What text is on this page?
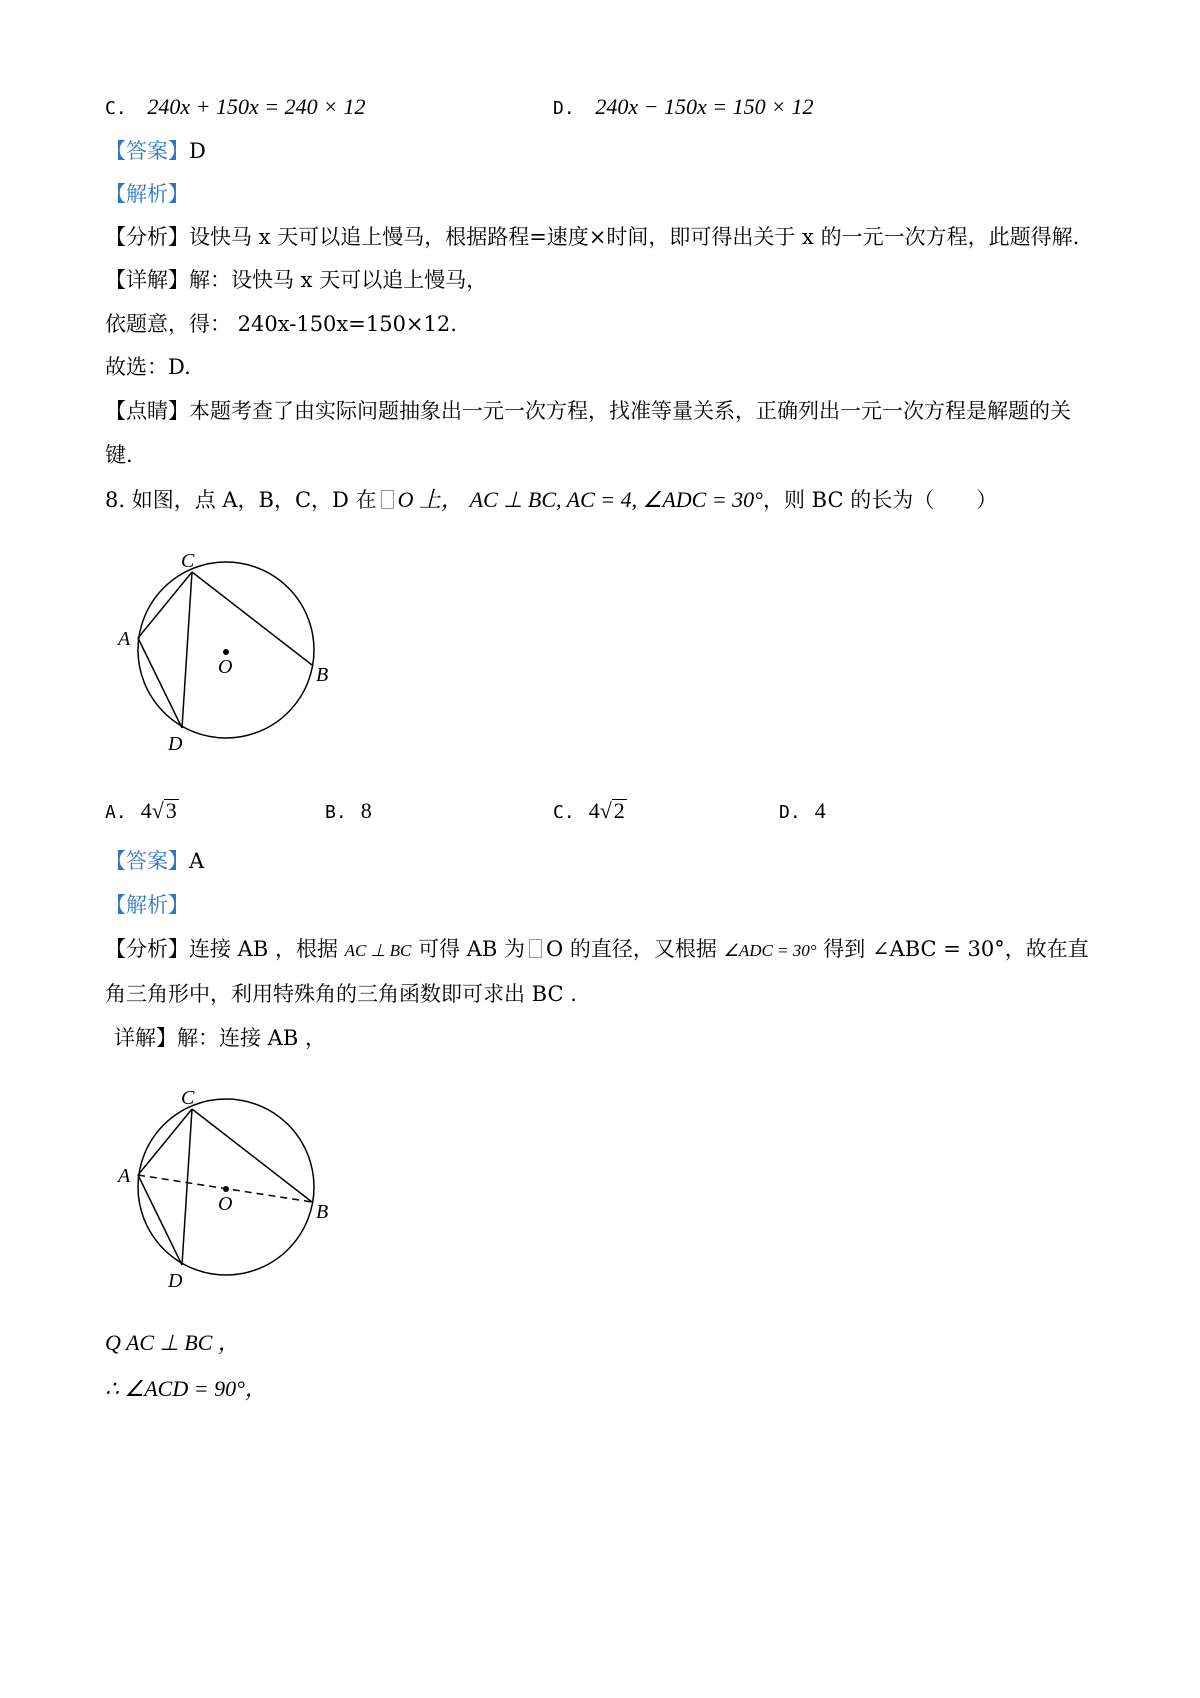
C. 240x + 150x = 240 × 12	D. 240x − 150x = 150 × 12
【答案】D
【解析】
【分析】设快马 x 天可以追上慢马，根据路程=速度×时间，即可得出关于 x 的一元一次方程，此题得解.
【详解】解：设快马 x 天可以追上慢马，
依题意，得： 240x-150x=150×12.
故选：D.
【点睛】本题考查了由实际问题抽象出一元一次方程，找准等量关系，正确列出一元一次方程是解题的关
键.
8. 如图，点 A，B，C，D 在 O 上， AC ⊥ BC, AC = 4, ∠ADC = 30°，则 BC 的长为（　　）
C
A
O	B
D
A. 4√3	B. 8	C. 4√2	D. 4
【答案】A
【解析】
【分析】连接 AB ，根据 AC ⊥ BC 可得 AB 为 O 的直径，又根据 ∠ADC = 30° 得到 ∠ABC = 30°，故在直
角三角形中，利用特殊角的三角函数即可求出 BC .
详解】解：连接 AB ，
C
A
O	B
D
Q AC ⊥ BC ，
∴ ∠ACD = 90°，
